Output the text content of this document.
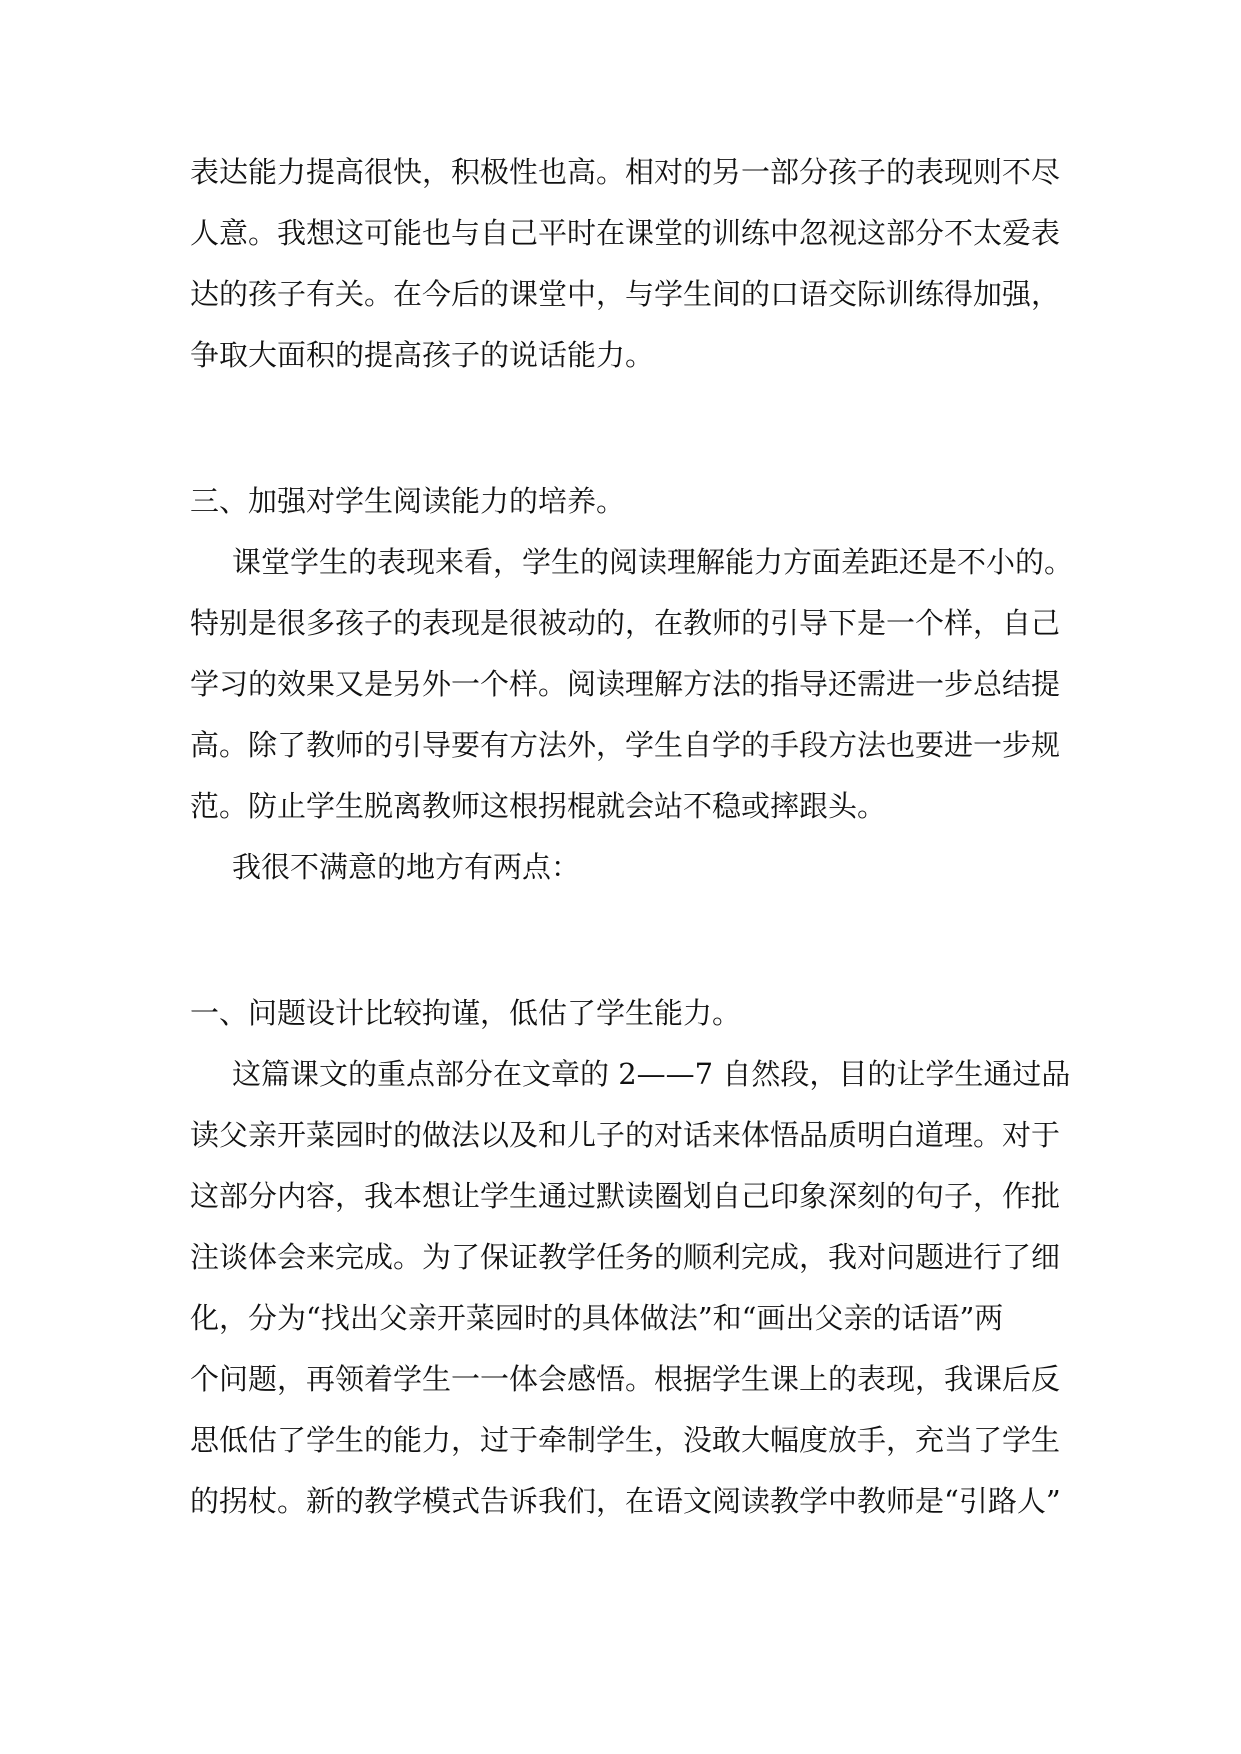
表达能力提高很快，积极性也高。相对的另一部分孩子的表现则不尽
人意。我想这可能也与自己平时在课堂的训练中忽视这部分不太爱表
达的孩子有关。在今后的课堂中，与学生间的口语交际训练得加强，
争取大面积的提高孩子的说话能力。
三、加强对学生阅读能力的培养。
课堂学生的表现来看，学生的阅读理解能力方面差距还是不小的。
特别是很多孩子的表现是很被动的，在教师的引导下是一个样，自己
学习的效果又是另外一个样。阅读理解方法的指导还需进一步总结提
高。除了教师的引导要有方法外，学生自学的手段方法也要进一步规
范。防止学生脱离教师这根拐棍就会站不稳或摔跟头。
我很不满意的地方有两点：
一、问题设计比较拘谨，低估了学生能力。
这篇课文的重点部分在文章的 2——7 自然段，目的让学生通过品
读父亲开菜园时的做法以及和儿子的对话来体悟品质明白道理。对于
这部分内容，我本想让学生通过默读圈划自己印象深刻的句子，作批
注谈体会来完成。为了保证教学任务的顺利完成，我对问题进行了细
化，分为“找出父亲开菜园时的具体做法”和“画出父亲的话语”两
个问题，再领着学生一一体会感悟。根据学生课上的表现，我课后反
思低估了学生的能力，过于牵制学生，没敢大幅度放手，充当了学生
的拐杖。新的教学模式告诉我们，在语文阅读教学中教师是“引路人”
